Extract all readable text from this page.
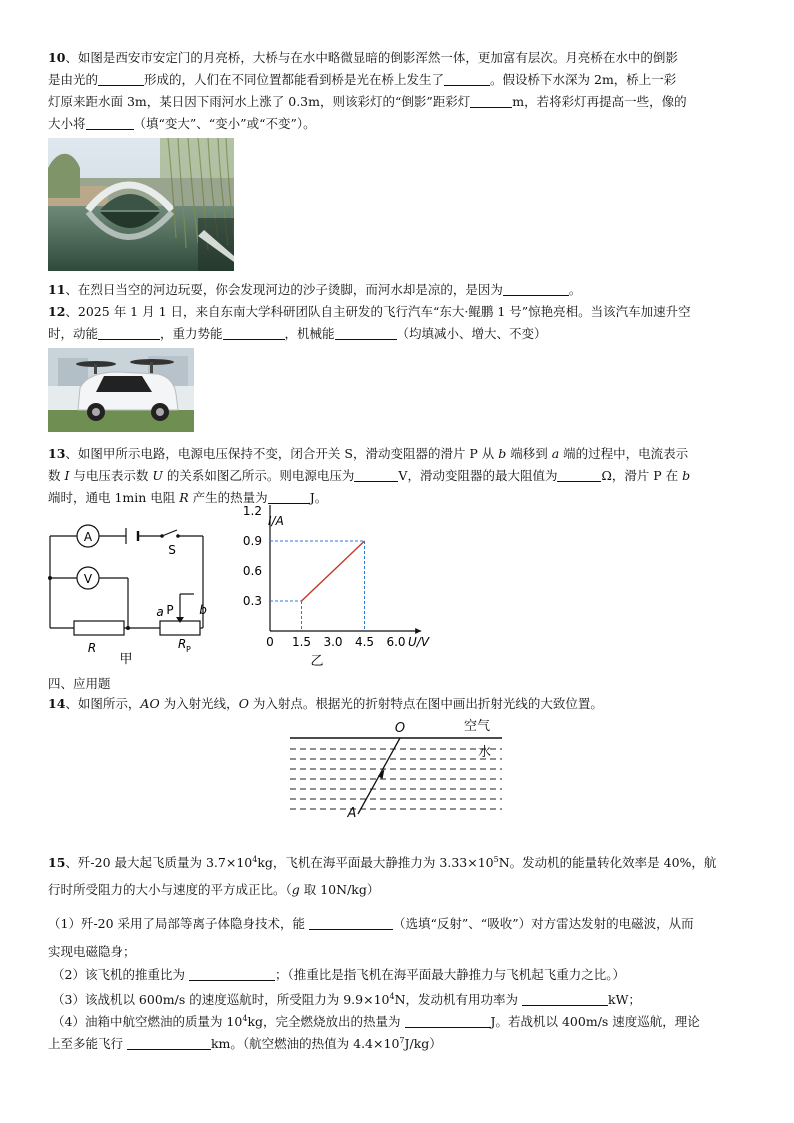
10、如图是西安市安定门的月亮桥，大桥与在水中略微显暗的倒影浑然一体，更加富有层次。月亮桥在水中的倒影
是由光的	形成的，人们在不同位置都能看到桥是光在桥上发生了	。假设桥下水深为 2m，桥上一彩
灯原来距水面 3m，某日因下雨河水上涨了 0.3m，则该彩灯的“倒影”距彩灯	m，若将彩灯再提高一些，像的
大小将	（填“变大”、“变小”或“不变”）。
11、在烈日当空的河边玩耍，你会发现河边的沙子烫脚，而河水却是凉的，是因为	。
12、2025 年 1 月 1 日，来自东南大学科研团队自主研发的飞行汽车“东大·鲲鹏 1 号”惊艳亮相。当该汽车加速升空
时，动能	，重力势能	，机械能	（均填减小、增大、不变）
13、如图甲所示电路，电源电压保持不变，闭合开关 S，滑动变阻器的滑片 P 从 b 端移到 a 端的过程中，电流表示
数 I 与电压表示数 U 的关系如图乙所示。则电源电压为	V，滑动变阻器的最大阻值为	Ω，滑片 P 在 b
端时，通电 1min 电阻 R 产生的热量为	J。
A
S
V
R
a P b
R P
甲
1.5 3.0 4.5 6.0
0.3
0.6
0.9
1.2
I/A
U/V
0
乙
四、应用题
14、如图所示，AO 为入射光线，O 为入射点。根据光的折射特点在图中画出折射光线的大致位置。
O
A
空气
水
15、歼-20 最大起飞质量为 $3.7\times 10^4kg$，飞机在海平面最大静推力为 $3.33\times 10^5N$。发动机的能量转化效率是 40%，航
行时所受阻力的大小与速度的平方成正比。（g 取 10N/kg）
（1）歼-20 采用了局部等离子体隐身技术，能	（选填“反射”、“吸收”）对方雷达发射的电磁波，从而
实现电磁隐身；
（2）该飞机的推重比为	；（推重比是指飞机在海平面最大静推力与飞机起飞重力之比。）
（3）该战机以 600m/s 的速度巡航时，所受阻力为 $9.9\times 10^4N$，发动机有用功率为	kW；
（4）油箱中航空燃油的质量为 $10^4kg$，完全燃烧放出的热量为	J。若战机以 400m/s 速度巡航，理论
上至多能飞行	km。（航空燃油的热值为 $4.4\times 10^7J/kg$）
